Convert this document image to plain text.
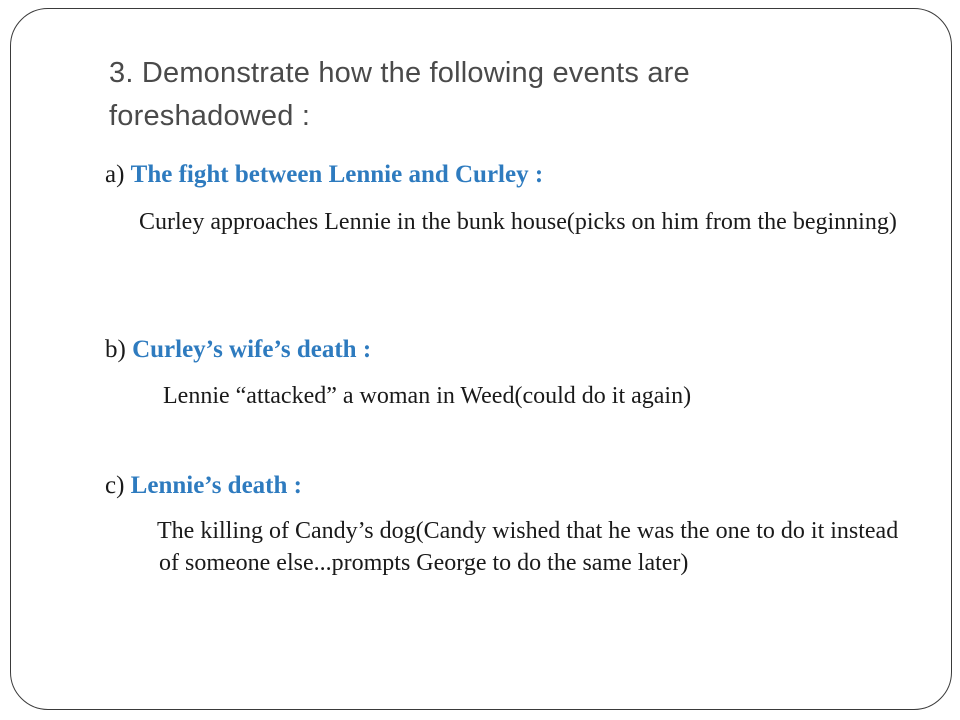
3. Demonstrate how the following events are foreshadowed :
a) The fight between Lennie and Curley :
Curley approaches Lennie in the bunk house(picks on him from the beginning)
b) Curley’s wife’s death :
Lennie “attacked” a woman in Weed(could do it again)
c) Lennie’s death :
The killing of Candy’s dog(Candy wished that he was the one to do it instead of someone else...prompts George to do the same later)
